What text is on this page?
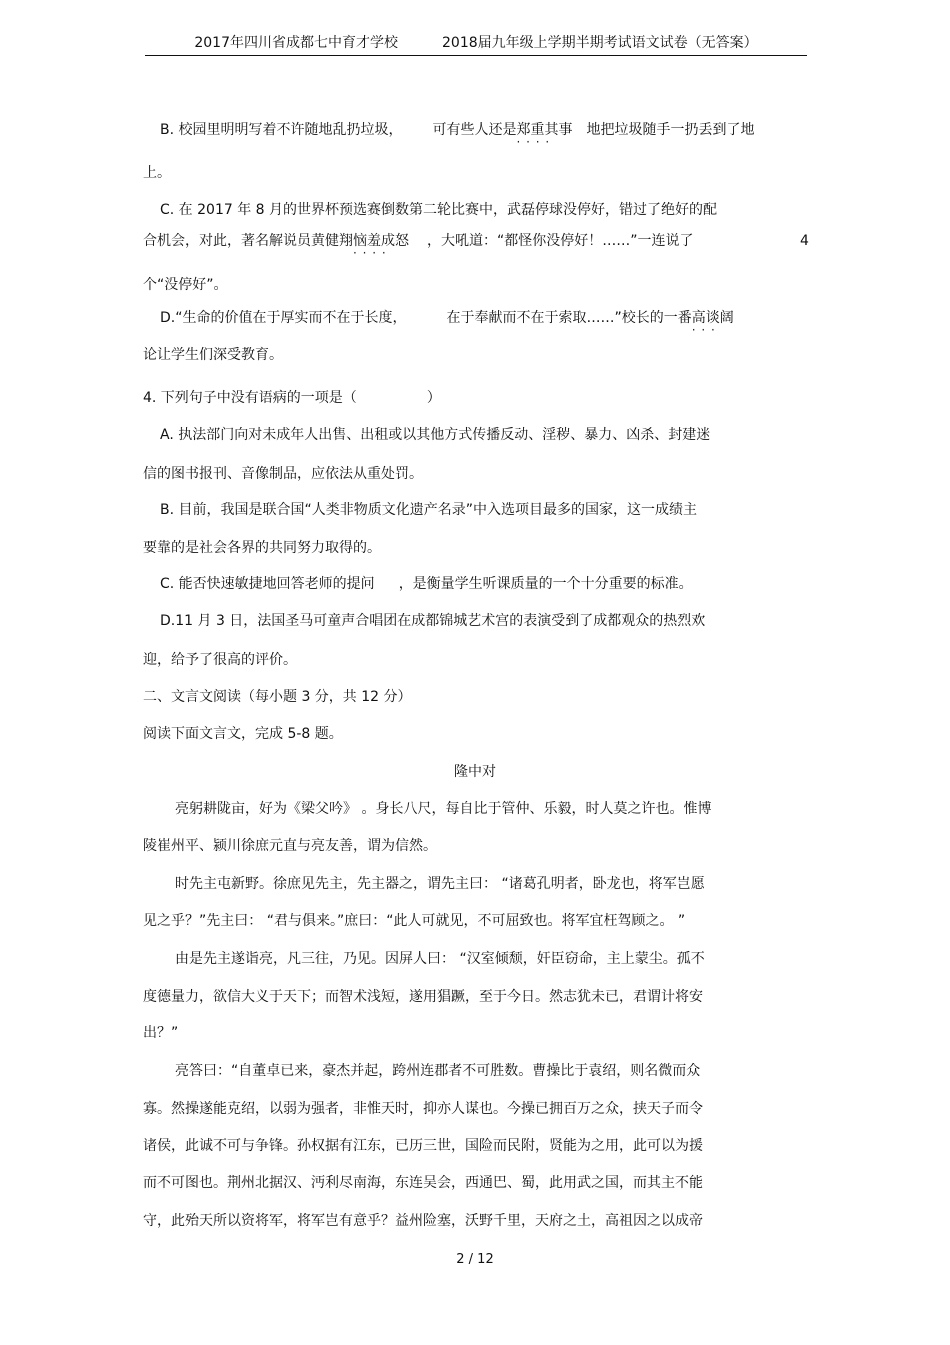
2017年四川省成都七中育才学校	2018届九年级上学期半期考试语文试卷（无答案）
B. 校园里明明写着不许随地乱扔垃圾， 可有些人还是郑重其事 · · · · 地把垃圾随手一扔丢到了地
上。
C. 在 2017 年 8 月的世界杯预选赛倒数第二轮比赛中，武磊停球没停好，错过了绝好的配
合机会，对此，著名解说员黄健翔恼羞成怒 · · · · ，大吼道：“都怪你没停好！……”一连说了	4
个“没停好”。
D.“生命的价值在于厚实而不在于长度，	在于奉献而不在于索取……”校长的一番高谈阔 · · ·
论让学生们深受教育。
4. 下列句子中没有语病的一项是（	）
A. 执法部门向对未成年人出售、出租或以其他方式传播反动、淫秽、暴力、凶杀、封建迷
信的图书报刊、音像制品，应依法从重处罚。
B. 目前，我国是联合国“人类非物质文化遗产名录”中入选项目最多的国家，这一成绩主
要靠的是社会各界的共同努力取得的。
C. 能否快速敏捷地回答老师的提问 ，是衡量学生听课质量的一个十分重要的标准。
D.11 月 3 日，法国圣马可童声合唱团在成都锦城艺术宫的表演受到了成都观众的热烈欢
迎，给予了很高的评价。
二、文言文阅读（每小题 3 分，共 12 分）
阅读下面文言文，完成 5-8 题。
隆中对
亮躬耕陇亩，好为《梁父吟》 。身长八尺，每自比于管仲、乐毅，时人莫之许也。惟博
陵崔州平、颍川徐庶元直与亮友善，谓为信然。
时先主屯新野。徐庶见先主，先主器之，谓先主曰： “诸葛孔明者，卧龙也，将军岂愿
见之乎？”先主曰： “君与俱来。”庶曰：“此人可就见，不可屈致也。将军宜枉驾顾之。 ”
由是先主遂诣亮，凡三往，乃见。因屏人曰： “汉室倾颓，奸臣窃命，主上蒙尘。孤不
度德量力，欲信大义于天下；而智术浅短，遂用猖蹶，至于今日。然志犹未已，君谓计将安
出？”
亮答曰：“自董卓已来，豪杰并起，跨州连郡者不可胜数。曹操比于袁绍，则名微而众
寡。然操遂能克绍，以弱为强者，非惟天时，抑亦人谋也。今操已拥百万之众，挟天子而令
诸侯，此诚不可与争锋。孙权据有江东，已历三世，国险而民附，贤能为之用，此可以为援
而不可图也。荆州北据汉、沔利尽南海，东连吴会，西通巴、蜀，此用武之国，而其主不能
守，此殆天所以资将军，将军岂有意乎？益州险塞，沃野千里，天府之土，高祖因之以成帝
2 / 12
